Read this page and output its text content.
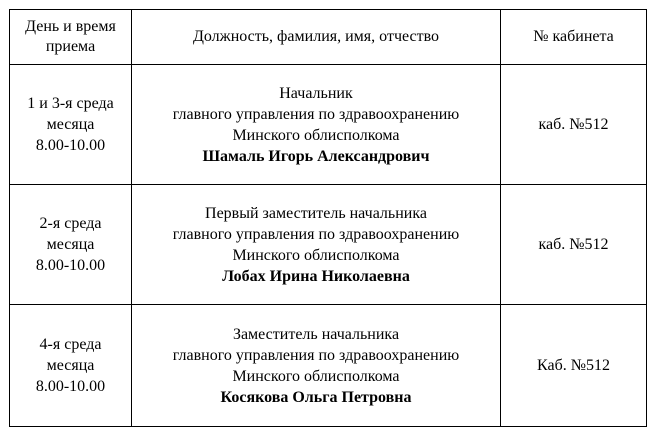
День и время
приема	Должность, фамилия, имя, отчество	№ кабинета

1 и 3-я среда
месяца
8.00-10.00	Начальник
главного управления по здравоохранению
Минского облисполкома
Шамаль Игорь Александрович	каб. №512

2-я среда
месяца
8.00-10.00	Первый заместитель начальника
главного управления по здравоохранению
Минского облисполкома
Лобах Ирина Николаевна	каб. №512

4-я среда
месяца
8.00-10.00	Заместитель начальника
главного управления по здравоохранению
Минского облисполкома
Косякова Ольга Петровна	Каб. №512
